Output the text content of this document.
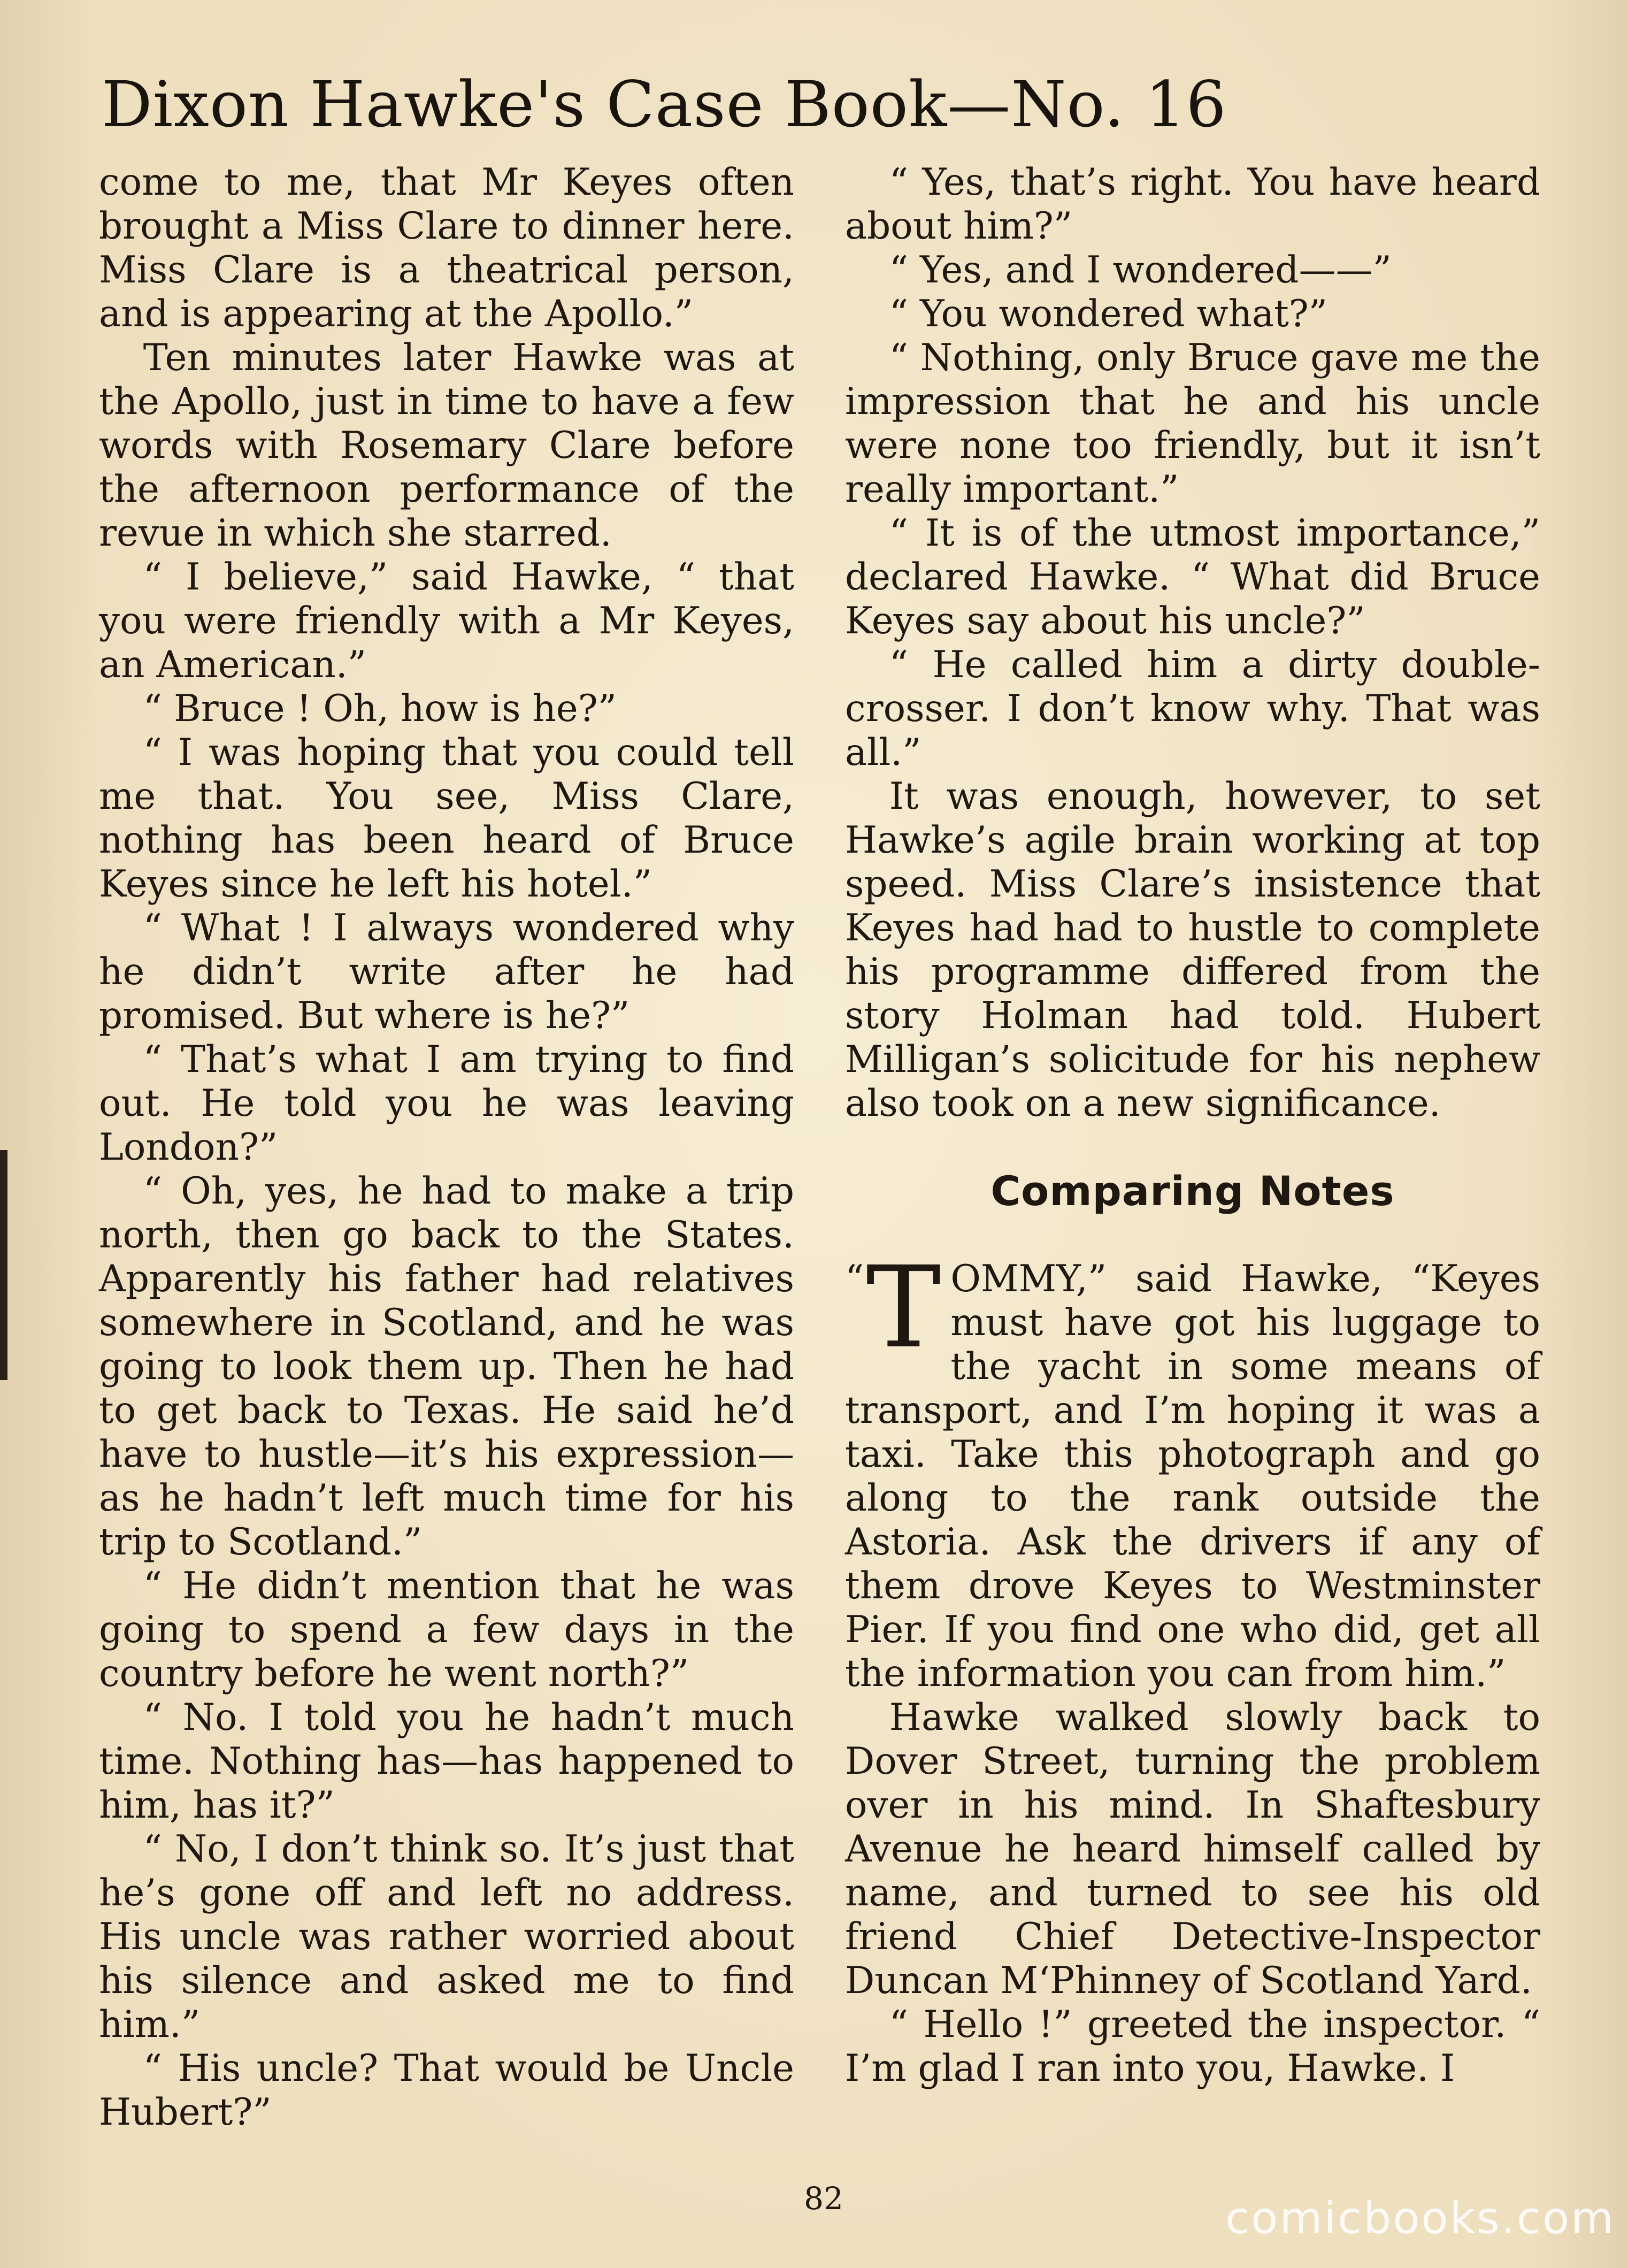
Dixon Hawke's Case Book—No. 16

come to me, that Mr Keyes often brought a Miss Clare to dinner here. Miss Clare is a theatrical person, and is appearing at the Apollo.”

Ten minutes later Hawke was at the Apollo, just in time to have a few words with Rosemary Clare before the afternoon performance of the revue in which she starred.

“ I believe,” said Hawke, “ that you were friendly with a Mr Keyes, an American.”

“ Bruce ! Oh, how is he?”

“ I was hoping that you could tell me that. You see, Miss Clare, nothing has been heard of Bruce Keyes since he left his hotel.”

“ What ! I always wondered why he didn’t write after he had promised. But where is he?”

“ That’s what I am trying to find out. He told you he was leaving London?”

“ Oh, yes, he had to make a trip north, then go back to the States. Apparently his father had relatives somewhere in Scotland, and he was going to look them up. Then he had to get back to Texas. He said he’d have to hustle—it’s his expression—as he hadn’t left much time for his trip to Scotland.”

“ He didn’t mention that he was going to spend a few days in the country before he went north?”

“ No. I told you he hadn’t much time. Nothing has—has happened to him, has it?”

“ No, I don’t think so. It’s just that he’s gone off and left no address. His uncle was rather worried about his silence and asked me to find him.”

“ His uncle? That would be Uncle Hubert?”

“ Yes, that’s right. You have heard about him?”

“ Yes, and I wondered——”

“ You wondered what?”

“ Nothing, only Bruce gave me the impression that he and his uncle were none too friendly, but it isn’t really important.”

“ It is of the utmost importance,” declared Hawke. “ What did Bruce Keyes say about his uncle?”

“ He called him a dirty double-crosser. I don’t know why. That was all.”

It was enough, however, to set Hawke’s agile brain working at top speed. Miss Clare’s insistence that Keyes had had to hustle to complete his programme differed from the story Holman had told. Hubert Milligan’s solicitude for his nephew also took on a new significance.

Comparing Notes

“ T OMMY,” said Hawke, “Keyes must have got his luggage to the yacht in some means of transport, and I’m hoping it was a taxi. Take this photograph and go along to the rank outside the Astoria. Ask the drivers if any of them drove Keyes to Westminster Pier. If you find one who did, get all the information you can from him.”

Hawke walked slowly back to Dover Street, turning the problem over in his mind. In Shaftesbury Avenue he heard himself called by name, and turned to see his old friend Chief Detective-Inspector Duncan M‘Phinney of Scotland Yard.

“ Hello !” greeted the inspector. “ I’m glad I ran into you, Hawke. I

82	comicbooks.com
